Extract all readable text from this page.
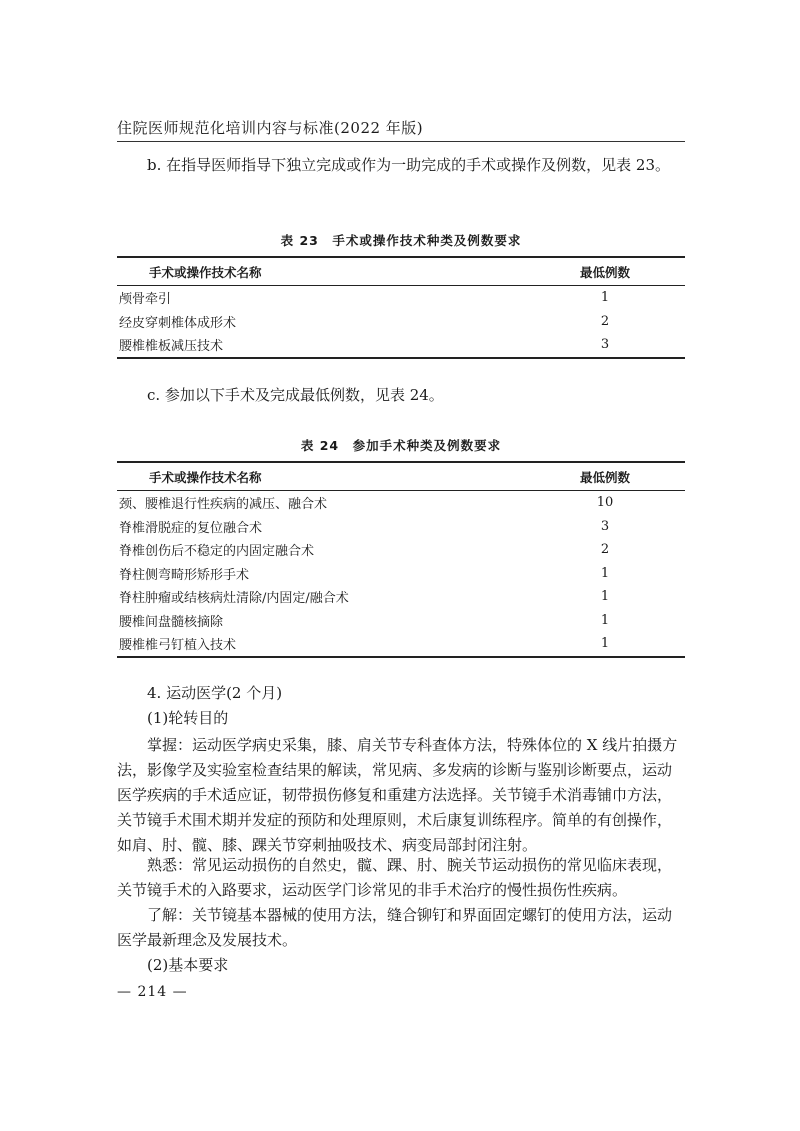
住院医师规范化培训内容与标准(2022 年版)

b. 在指导医师指导下独立完成或作为一助完成的手术或操作及例数，见表 23。

表 23　手术或操作技术种类及例数要求
手术或操作技术名称	最低例数
颅骨牵引	1
经皮穿刺椎体成形术	2
腰椎椎板减压技术	3

c. 参加以下手术及完成最低例数，见表 24。

表 24　参加手术种类及例数要求
手术或操作技术名称	最低例数
颈、腰椎退行性疾病的减压、融合术	10
脊椎滑脱症的复位融合术	3
脊椎创伤后不稳定的内固定融合术	2
脊柱侧弯畸形矫形手术	1
脊柱肿瘤或结核病灶清除/内固定/融合术	1
腰椎间盘髓核摘除	1
腰椎椎弓钉植入技术	1

4. 运动医学(2 个月)

(1)轮转目的

掌握：运动医学病史采集，膝、肩关节专科查体方法，特殊体位的 X 线片拍摄方法，影像学及实验室检查结果的解读，常见病、多发病的诊断与鉴别诊断要点，运动医学疾病的手术适应证，韧带损伤修复和重建方法选择。关节镜手术消毒铺巾方法，关节镜手术围术期并发症的预防和处理原则，术后康复训练程序。简单的有创操作，如肩、肘、髋、膝、踝关节穿刺抽吸技术、病变局部封闭注射。

熟悉：常见运动损伤的自然史，髋、踝、肘、腕关节运动损伤的常见临床表现，关节镜手术的入路要求，运动医学门诊常见的非手术治疗的慢性损伤性疾病。

了解：关节镜基本器械的使用方法，缝合铆钉和界面固定螺钉的使用方法，运动医学最新理念及发展技术。

(2)基本要求

— 214 —
